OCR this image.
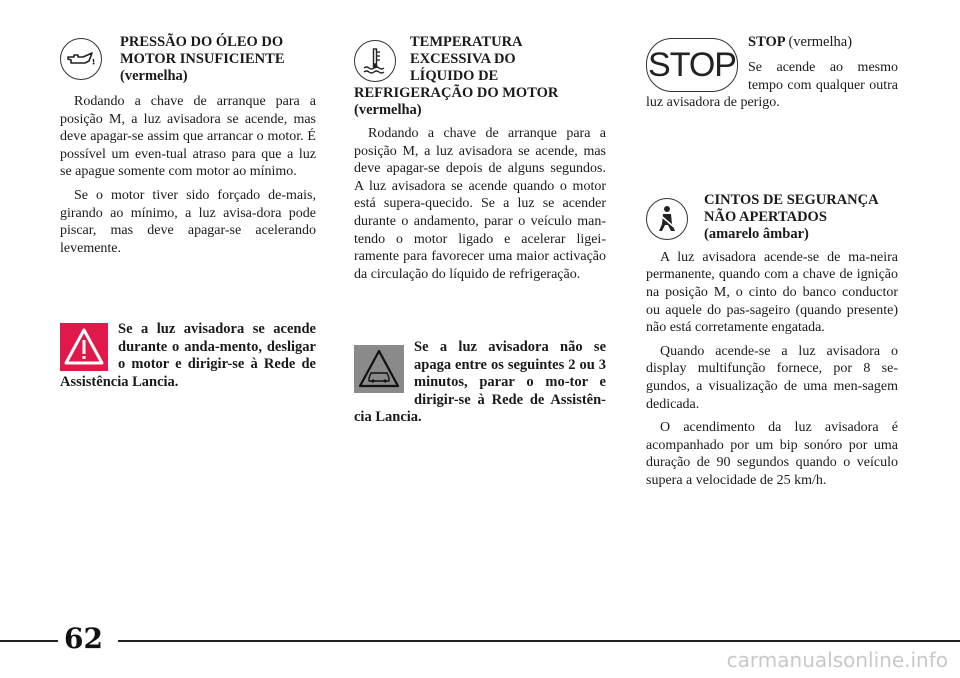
PRESSÃO DO ÓLEO DO
MOTOR INSUFICIENTE
(vermelha)

Rodando a chave de arranque para a posição M, a luz avisadora se acende, mas deve apagar-se assim que arrancar o motor. É possível um even-tual atraso para que a luz se apague somente com motor ao mínimo.

Se o motor tiver sido forçado de-mais, girando ao mínimo, a luz avisa-dora pode piscar, mas deve apagar-se acelerando levemente.

Se a luz avisadora se acende durante o anda-mento, desligar o motor e dirigir-se à Rede de Assistência Lancia.
TEMPERATURA
EXCESSIVA DO
LÍQUIDO DE
REFRIGERAÇÃO DO MOTOR
(vermelha)

Rodando a chave de arranque para a posição M, a luz avisadora se acende, mas deve apagar-se depois de alguns segundos. A luz avisadora se acende quando o motor está supera-quecido. Se a luz se acender durante o andamento, parar o veículo man-tendo o motor ligado e acelerar ligei-ramente para favorecer uma maior activação da circulação do líquido de refrigeração.

Se a luz avisadora não se apaga entre os seguintes 2 ou 3 minutos, parar o mo-tor e dirigir-se à Rede de Assistên-cia Lancia.
STOP
STOP (vermelha)

Se acende ao mesmo tempo com qualquer outra luz avisadora de perigo.

CINTOS DE SEGURANÇA
NÃO APERTADOS
(amarelo âmbar)

A luz avisadora acende-se de ma-neira permanente, quando com a chave de ignição na posição M, o cinto do banco conductor ou aquele do pas-sageiro (quando presente) não está corretamente engatada.

Quando acende-se a luz avisadora o display multifunção fornece, por 8 se-gundos, a visualização de uma men-sagem dedicada.

O acendimento da luz avisadora é acompanhado por um bip sonóro por uma duração de 90 segundos quando o veículo supera a velocidade de 25 km/h.

62
carmanualsonline.info
